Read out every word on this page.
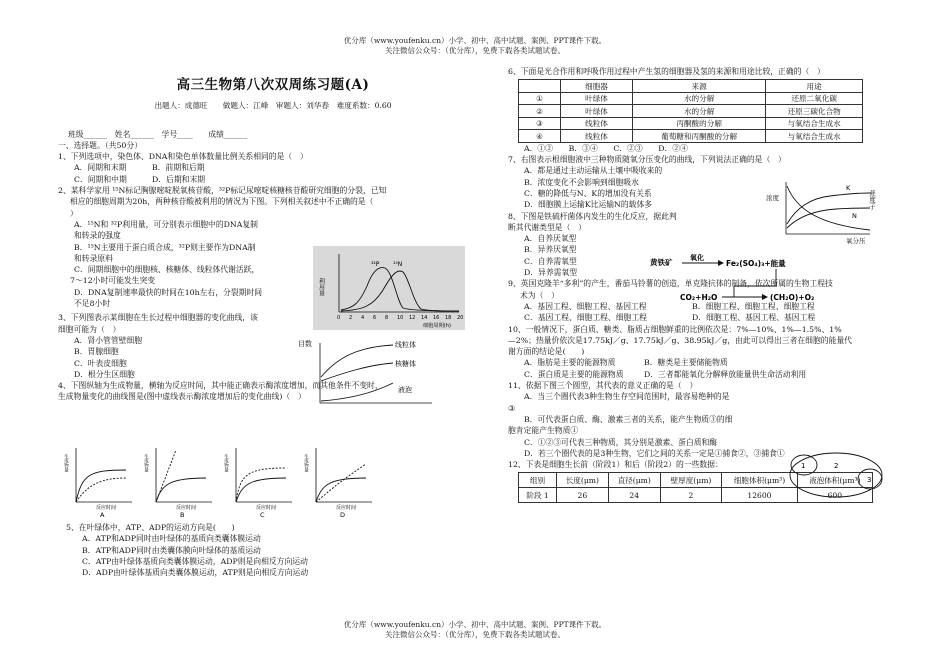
优分库（www.youfenku.cn）小学、初中、高中试题、案例、PPT课件下载。
关注微信公众号：（优分库），免费下载各类试题试卷。
高三生物第八次双周练习题(A)
出题人：成德旺　　做题人：江峰　审题人：刘华春　难度系数：0.60
班级______　姓名______　学号____　　成绩______
一、选择题。（共50分）
1、下列选项中，染色体、DNA和染色单体数量比例关系相同的是（　）
A．间期和末期	B．前期和后期
C．间期和中期	D．后期和末期
2、某科学家用 ¹⁵N标记胸腺嘧啶脱氧核苷酸，³²P标记尿嘧啶核糖核苷酸研究细胞的分裂，已知
相应的细胞周期为20h，两种核苷酸被利用的情况为下图。下列相关叙述中不正确的是（
）
A．¹⁵N和 ³²P利用量，可分别表示细胞中的DNA复制
和转录的强度
B．¹⁵N主要用于蛋白质合成，³²P则主要作为DNA制
和转录原料
C．间期细胞中的细胞核、核糖体、线粒体代谢活跃，
7～12小时可能发生突变
D．DNA复制速率最快的时间在10h左右，分裂期时间
不足8小时
3、下列图表示某细胞在生长过程中细胞器的变化曲线，该
细胞可能为（　）
A．肾小管管壁细胞
B．胃腺细胞
C．叶表皮细胞
D．根分生区细胞
4、下图纵轴为生成物量，横轴为反应时间，其中能正确表示酶浓度增加，而其他条件不变时，
生成物量变化的曲线图是(图中虚线表示酶浓度增加后的变化曲线)（　）
利用量
³²P ¹⁵N
0 2 4 6 8 10 12 14 16 18 20
细胞周期(h)
目数	线粒体
核糖体
液泡
生成物量
反应时间
A
生成物量
反应时间
B
生成物量
反应时间
C
生成物量
反应时间
D
5、在叶绿体中，ATP、ADP的运动方向是(　　)
A．ATP和ADP同时由叶绿体的基质向类囊体膜运动
B．ATP和ADP同时由类囊体膜向叶绿体的基质运动
C．ATP由叶绿体基质向类囊体膜运动，ADP则是向相反方向运动
D．ADP由叶绿体基质向类囊体膜运动，ATP则是向相反方向运动
6、下面是光合作用和呼吸作用过程中产生氢的细胞器及氢的来源和用途比较，正确的（　）
	细胞器	来源	用途
①	叶绿体	水的分解	还原二氧化碳
②	叶绿体	水的分解	还原三碳化合物
③	线粒体	丙酮酸的分解	与氧结合生成水
④	线粒体	葡萄糖和丙酮酸的分解	与氧结合生成水
A．①②　　B．③④　　C．②③　　D．②④
7、右图表示根细胞液中三种物质随氧分压变化的曲线，下列说法正确的是（　）
A．都是通过主动运输从土壤中吸收来的
B．浓度变化不会影响到细胞吸水
C．糖的降低与N、K的增加没有关系
D．细胞膜上运输K比运输N的载体多
8、下图是铁硫杆菌体内发生的生化反应，据此判
断其代谢类型是（　）
A．自养厌氧型
B．异养厌氧型
C．自养需氧型
D．异养需氧型
9、英国克隆羊“多利”的产生，番茄马铃薯的创造，单克隆抗体的制备，依次所属的生物工程技
术为（　）
A．基因工程、细胞工程、基因工程	B．细胞工程、细胞工程、细胞工程
C．基因工程、细胞工程、细胞工程	D．细胞工程、基因工程、基因工程
10、一般情况下，蛋白质、糖类、脂质占细胞鲜重的比例依次是：7%—10%、1%—1.5%、1%
—2%；热量价依次是17.75kJ／g、17.75kJ／g、38.95kJ／g，由此可以得出三者在细胞的能量代
谢方面的结论是(　　)
A．脂肪是主要的能源物质	B．糖类是主要储能物质
C．蛋白质是主要的能源物质	D．三者都能氧化分解释放能量供生命活动利用
11、依据下图三个圆型，其代表的意义正确的是（　）
A．当三个圈代表3种生物生存空间范围时，最容易绝种的是
③
B．可代表蛋白质、酶、激素三者的关系，能产生物质③的细
胞肯定能产生物质①
C．①②③可代表三种物质，其分别是激素、蛋白质和酶
D．若三个圈代表的是3种生物，它们之间的关系一定是①捕食②，③捕食①
12、下表是细胞生长前（阶段1）和后（阶段2）的一些数据：
组别	长度(μm)	直径(μm)	壁厚度(μm)	细胞体积(μm³)	液泡体积(μm³)
阶段 1	26	24	2	12600	600
浓度
K
N
蔗度子
氧分压
黄铁矿	氧化
Fe₂(SO₄)₃+能量
CO₂+H₂O	(CH₂O)+O₂
1	2
3
优分库（www.youfenku.cn）小学、初中、高中试题、案例、PPT课件下载。
关注微信公众号：（优分库），免费下载各类试题试卷。
